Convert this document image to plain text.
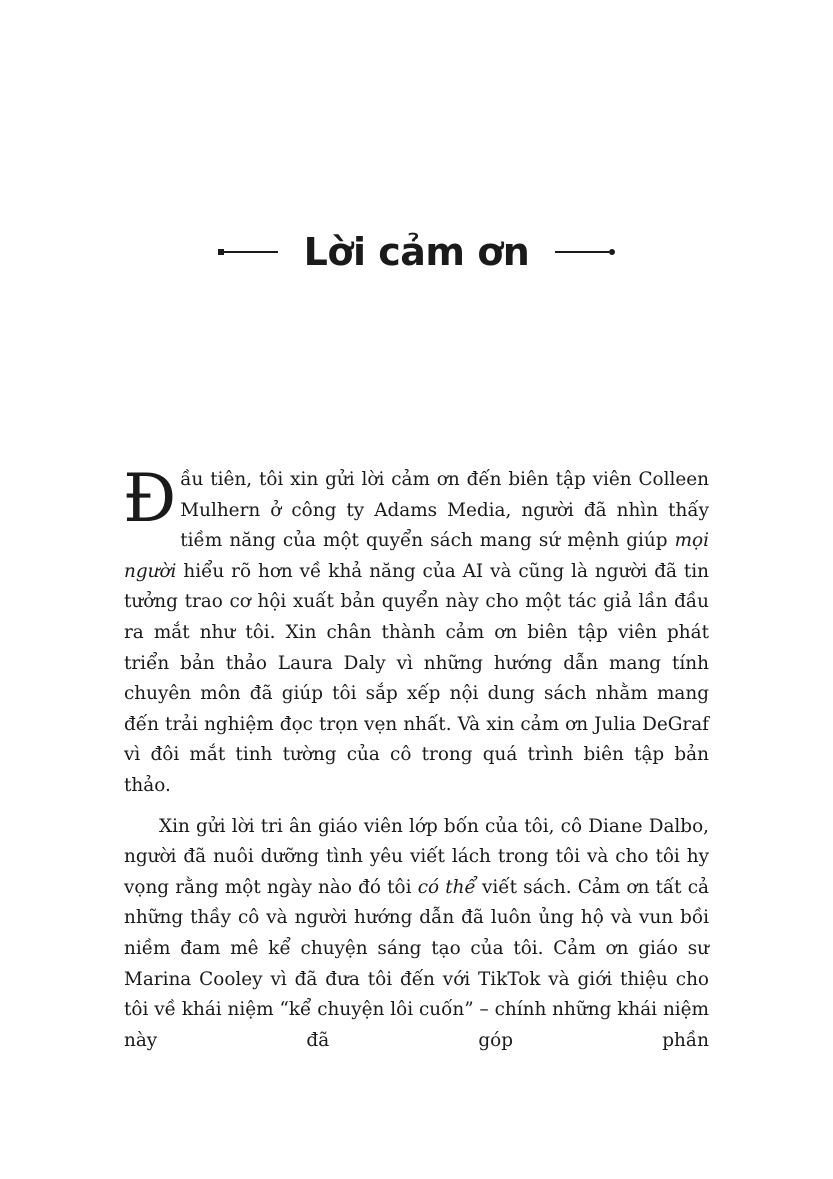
Lời cảm ơn

Đầu tiên, tôi xin gửi lời cảm ơn đến biên tập viên Colleen Mulhern ở công ty Adams Media, người đã nhìn thấy tiềm năng của một quyển sách mang sứ mệnh giúp mọi người hiểu rõ hơn về khả năng của AI và cũng là người đã tin tưởng trao cơ hội xuất bản quyển này cho một tác giả lần đầu ra mắt như tôi. Xin chân thành cảm ơn biên tập viên phát triển bản thảo Laura Daly vì những hướng dẫn mang tính chuyên môn đã giúp tôi sắp xếp nội dung sách nhằm mang đến trải nghiệm đọc trọn vẹn nhất. Và xin cảm ơn Julia DeGraf vì đôi mắt tinh tường của cô trong quá trình biên tập bản thảo.

Xin gửi lời tri ân giáo viên lớp bốn của tôi, cô Diane Dalbo, người đã nuôi dưỡng tình yêu viết lách trong tôi và cho tôi hy vọng rằng một ngày nào đó tôi có thể viết sách. Cảm ơn tất cả những thầy cô và người hướng dẫn đã luôn ủng hộ và vun bồi niềm đam mê kể chuyện sáng tạo của tôi. Cảm ơn giáo sư Marina Cooley vì đã đưa tôi đến với TikTok và giới thiệu cho tôi về khái niệm “kể chuyện lôi cuốn” – chính những khái niệm này đã góp phần
